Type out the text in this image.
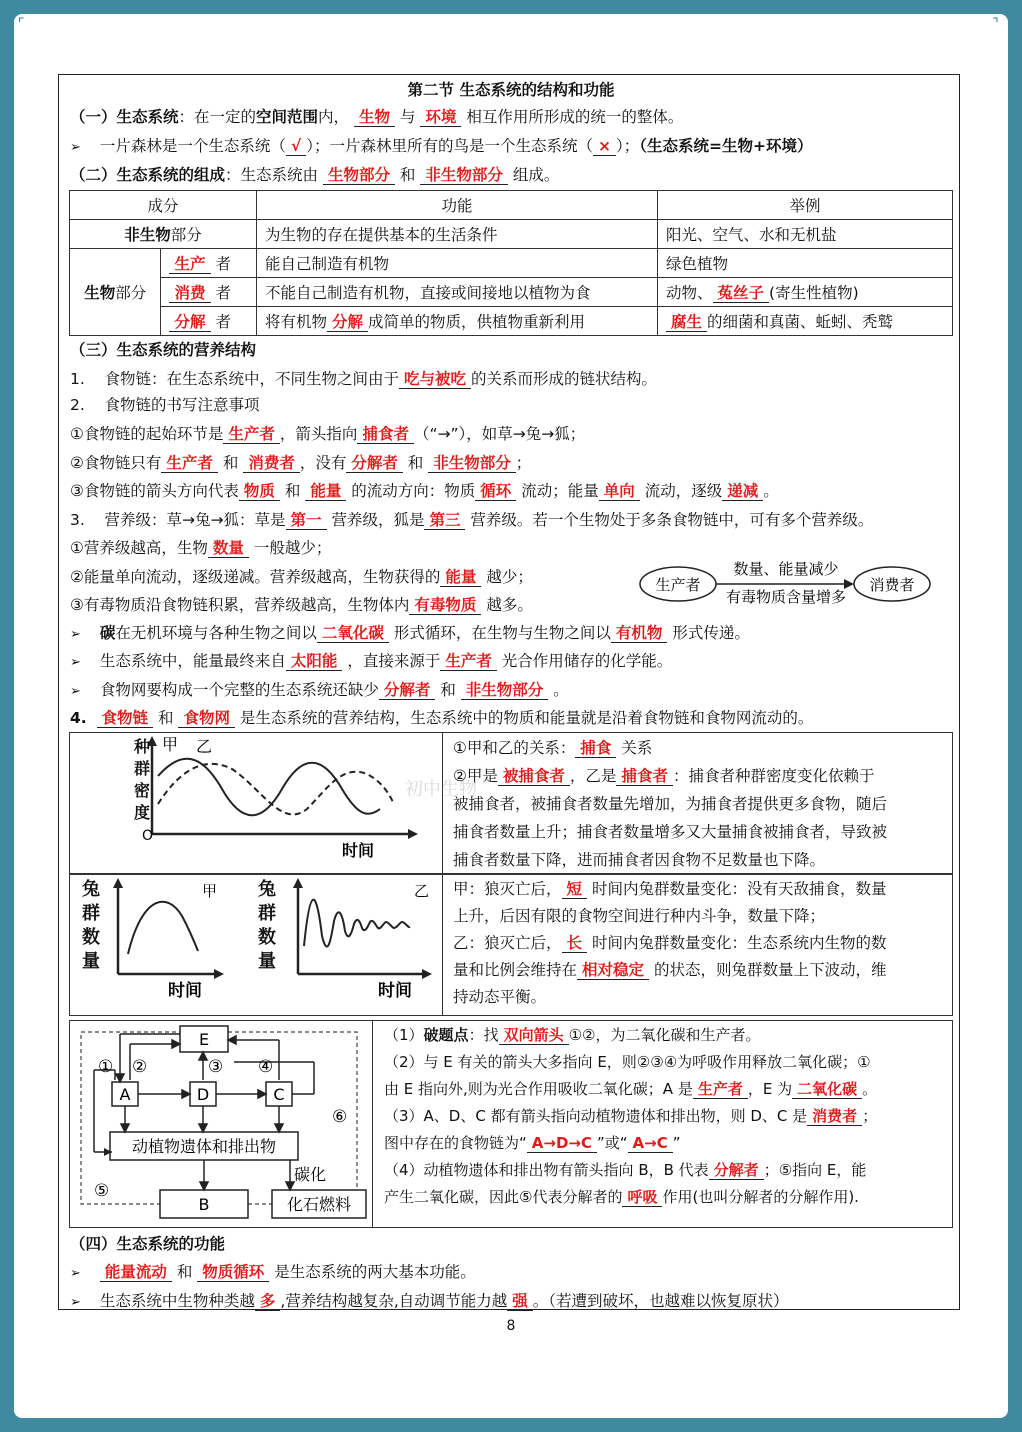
⌜	⌝
第二节 生态系统的结构和功能
（一）生态系统：在一定的空间范围内， 生物 与 环境 相互作用所形成的统一的整体。
➢ 一片森林是一个生态系统（ √ ）；一片森林里所有的鸟是一个生态系统（ × ）；（生态系统=生物+环境）
（二）生态系统的组成：生态系统由 生物部分 和 非生物部分 组成。
成分		功能	举例
非生物部分		为生物的存在提供基本的生活条件	阳光、空气、水和无机盐
生物部分	生产 者	能自己制造有机物	绿色植物
	消费 者	不能自己制造有机物，直接或间接地以植物为食	动物、 菟丝子 (寄生性植物)
	分解 者	将有机物 分解 成简单的物质，供植物重新利用	腐生 的细菌和真菌、蚯蚓、秃鹫
（三）生态系统的营养结构
1. 食物链：在生态系统中，不同生物之间由于 吃与被吃 的关系而形成的链状结构。
2. 食物链的书写注意事项
①食物链的起始环节是 生产者 ，箭头指向 捕食者 （“→”），如草→兔→狐；
②食物链只有 生产者 和 消费者 ，没有 分解者 和 非生物部分 ；
③食物链的箭头方向代表 物质 和 能量 的流动方向：物质 循环 流动；能量 单向 流动，逐级 递减 。
3. 营养级：草→兔→狐：草是 第一 营养级，狐是 第三 营养级。若一个生物处于多条食物链中，可有多个营养级。
①营养级越高，生物 数量 一般越少；
②能量单向流动，逐级递减。营养级越高，生物获得的 能量 越少；
③有毒物质沿食物链积累，营养级越高，生物体内 有毒物质 越多。
生产者	消费者
数量、能量减少
有毒物质含量增多
➢ 碳在无机环境与各种生物之间以 二氧化碳 形式循环，在生物与生物之间以 有机物 形式传递。
➢ 生态系统中，能量最终来自 太阳能 ，直接来源于 生产者 光合作用储存的化学能。
➢ 食物网要构成一个完整的生态系统还缺少 分解者 和 非生物部分 。
4. 食物链 和 食物网 是生态系统的营养结构，生态系统中的物质和能量就是沿着食物链和食物网流动的。
初中生物
甲 乙
O
时间
种群密度
①甲和乙的关系： 捕食 关系
②甲是 被捕食者 ，乙是 捕食者 ：捕食者种群密度变化依赖于
被捕食者，被捕食者数量先增加，为捕食者提供更多食物，随后
捕食者数量上升；捕食者数量增多又大量捕食被捕食者，导致被
捕食者数量下降，进而捕食者因食物不足数量也下降。
甲
时间
乙
时间
兔群数量
兔群数量
甲：狼灭亡后， 短 时间内兔群数量变化：没有天敌捕食，数量
上升，后因有限的食物空间进行种内斗争，数量下降；
乙：狼灭亡后， 长 时间内兔群数量变化：生态系统内生物的数
量和比例会维持在 相对稳定 的状态，则兔群数量上下波动，维
持动态平衡。
E
A	D	C
动植物遗体和排出物
B	化石燃料
碳化
① ②	③ ④
⑤
⑥
（1）破题点：找 双向箭头 ①②，为二氧化碳和生产者。
（2）与 E 有关的箭头大多指向 E，则②③④为呼吸作用释放二氧化碳；①
由 E 指向外,则为光合作用吸收二氧化碳；A 是 生产者 ，E 为 二氧化碳 。
（3）A、D、C 都有箭头指向动植物遗体和排出物，则 D、C 是 消费者 ；
图中存在的食物链为“ A→D→C ”或“ A→C ”
（4）动植物遗体和排出物有箭头指向 B，B 代表 分解者 ；⑤指向 E，能
产生二氧化碳，因此⑤代表分解者的 呼吸 作用(也叫分解者的分解作用).
（四）生态系统的功能
➢ 能量流动 和 物质循环 是生态系统的两大基本功能。
➢ 生态系统中生物种类越 多 ,营养结构越复杂,自动调节能力越 强 。（若遭到破坏，也越难以恢复原状）
8
